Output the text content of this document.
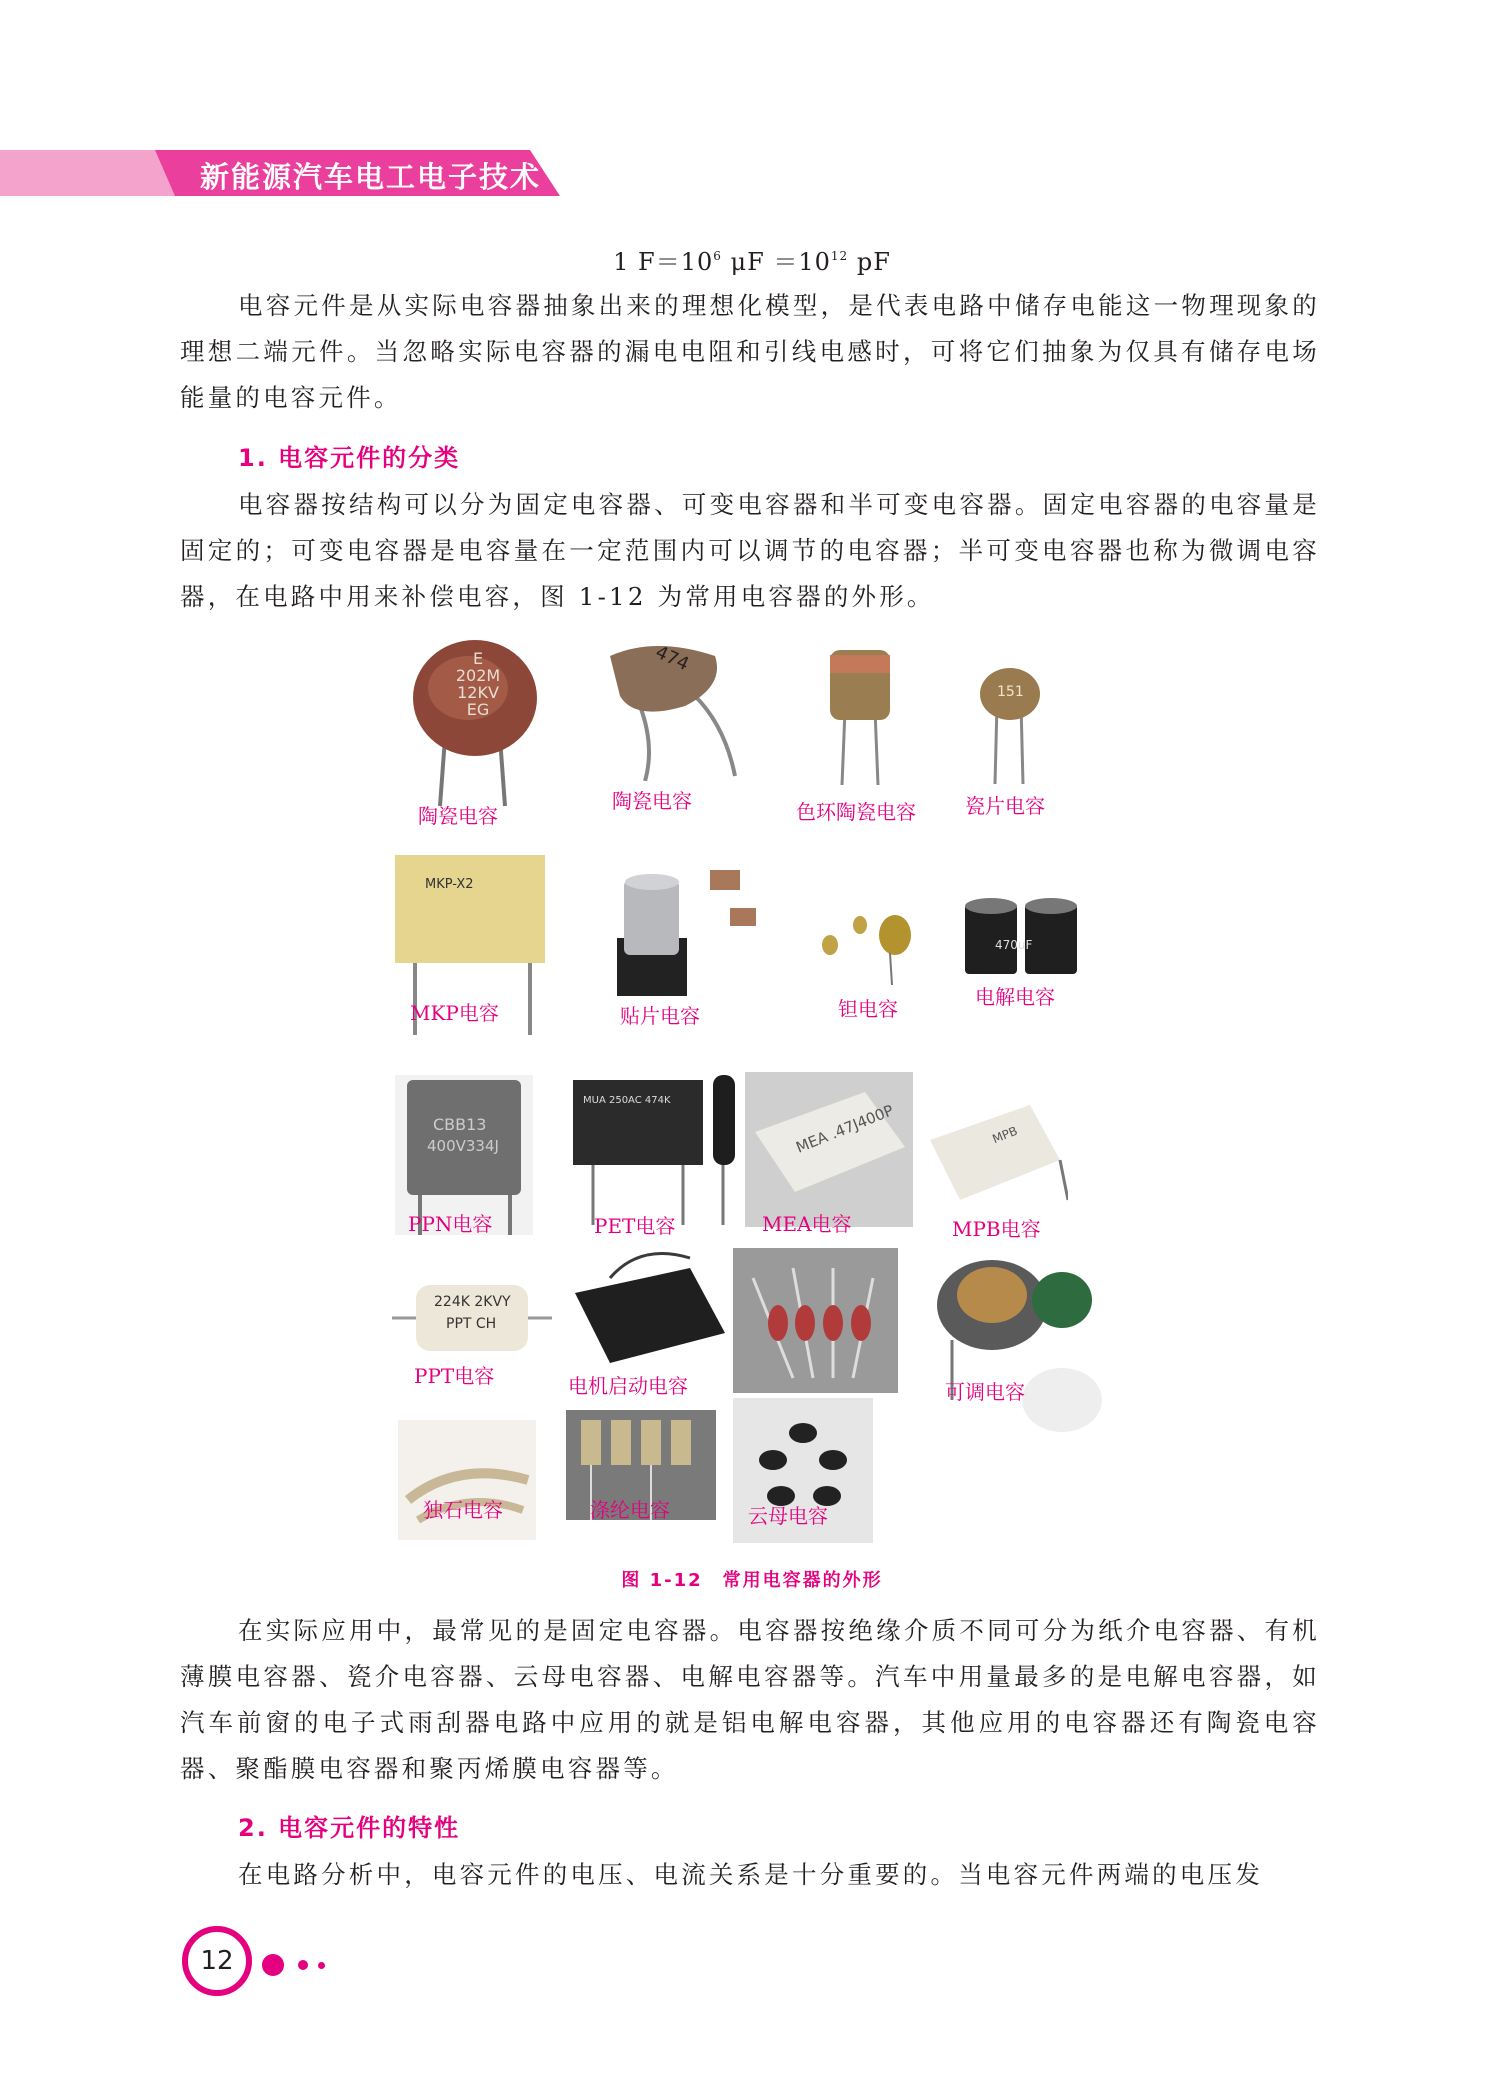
新能源汽车电工电子技术
1 $F=10^6$ $\mu F =10^{12}$ pF

电容元件是从实际电容器抽象出来的理想化模型，是代表电路中储存电能这一物理现象的理想二端元件。当忽略实际电容器的漏电电阻和引线电感时，可将它们抽象为仅具有储存电场能量的电容元件。

1. 电容元件的分类

电容器按结构可以分为固定电容器、可变电容器和半可变电容器。固定电容器的电容量是固定的；可变电容器是电容量在一定范围内可以调节的电容器；半可变电容器也称为微调电容器，在电路中用来补偿电容，图 1-12 为常用电容器的外形。

E
202M
12KV
EG
陶瓷电容
474
陶瓷电容	色环陶瓷电容
151
瓷片电容
MKP-X2
MKP电容	贴片电容	钽电容
470uF
电解电容
CBB13
400V334J
PPN电容
MUA 250AC 474K
PET电容
MEA .47J400P
MEA电容
MPB
MPB电容
224K 2KVY
PPT CH
PPT电容	电机启动电容	可调电容
独石电容	涤纶电容	云母电容
图 1-12　常用电容器的外形

在实际应用中，最常见的是固定电容器。电容器按绝缘介质不同可分为纸介电容器、有机薄膜电容器、瓷介电容器、云母电容器、电解电容器等。汽车中用量最多的是电解电容器，如汽车前窗的电子式雨刮器电路中应用的就是铝电解电容器，其他应用的电容器还有陶瓷电容器、聚酯膜电容器和聚丙烯膜电容器等。

2. 电容元件的特性

在电路分析中，电容元件的电压、电流关系是十分重要的。当电容元件两端的电压发

12
